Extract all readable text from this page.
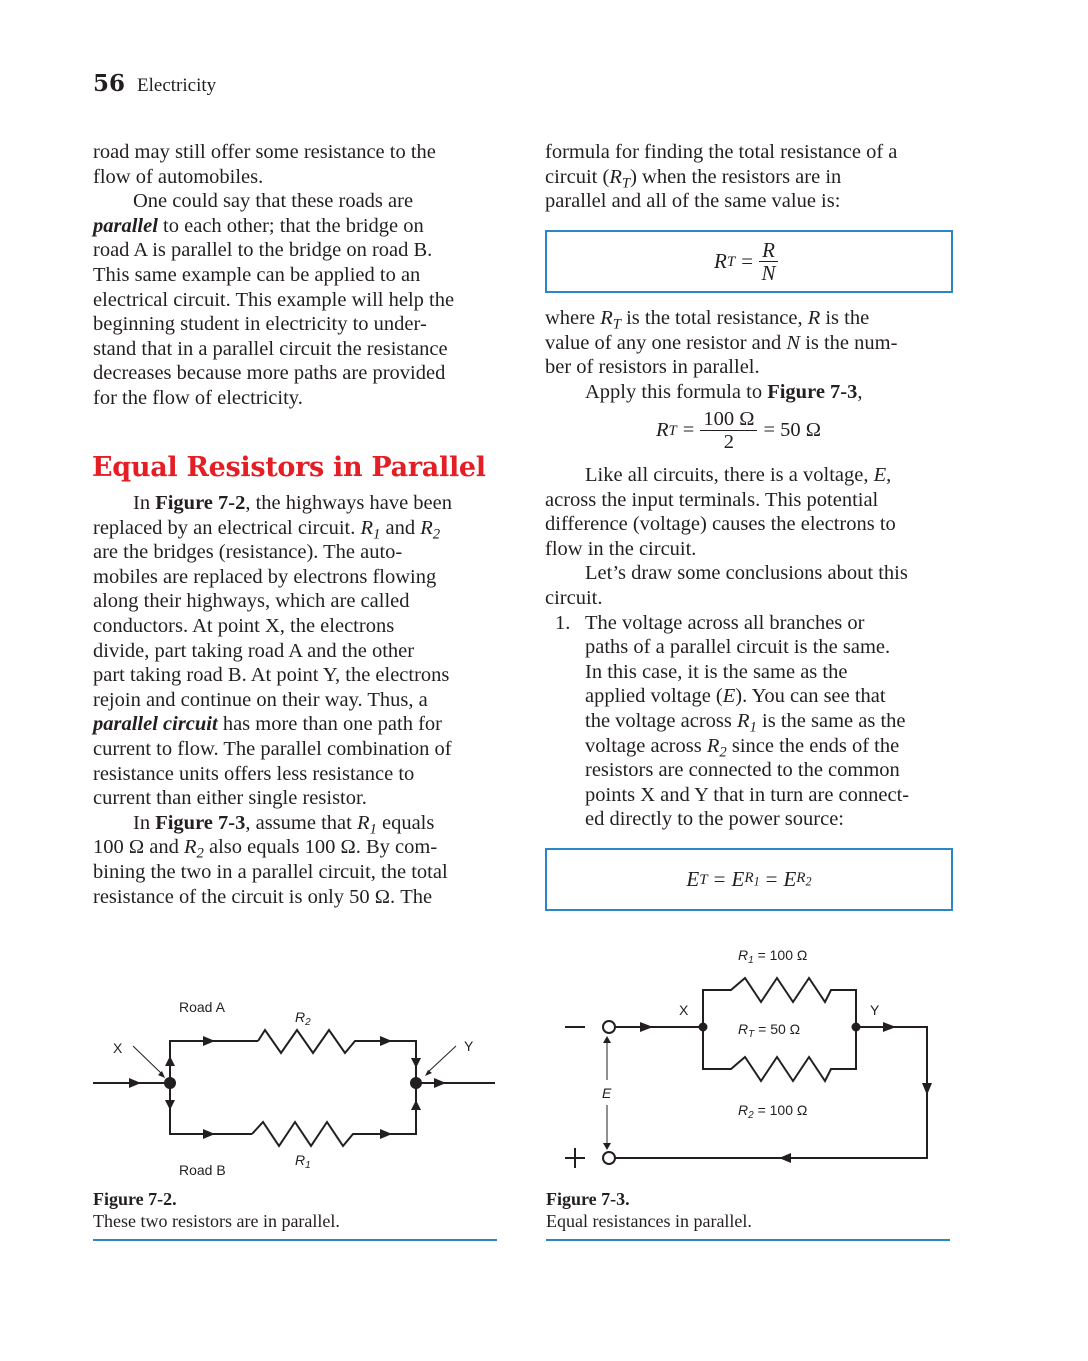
56 Electricity
road may still offer some resistance to the
flow of automobiles.
One could say that these roads are
parallel to each other; that the bridge on
road A is parallel to the bridge on road B.
This same example can be applied to an
electrical circuit. This example will help the
beginning student in electricity to under-
stand that in a parallel circuit the resistance
decreases because more paths are provided
for the flow of electricity.
Equal Resistors in Parallel
In Figure 7-2, the highways have been
replaced by an electrical circuit. $R_1$ and $R_2$
are the bridges (resistance). The auto-
mobiles are replaced by electrons flowing
along their highways, which are called
conductors. At point X, the electrons
divide, part taking road A and the other
part taking road B. At point Y, the electrons
rejoin and continue on their way. Thus, a
parallel circuit has more than one path for
current to flow. The parallel combination of
resistance units offers less resistance to
current than either single resistor.
In Figure 7-3, assume that $R_1$ equals
100 Ω and $R_2$ also equals 100 Ω. By com-
bining the two in a parallel circuit, the total
resistance of the circuit is only 50 Ω. The
formula for finding the total resistance of a
circuit $(R_T)$ when the resistors are in
parallel and all of the same value is:
R $T = \frac{R}{N}$
where $R_T$ is the total resistance, R is the
value of any one resistor and N is the num-
ber of resistors in parallel.
Apply this formula to Figure 7-3,
R $T = \frac{100 \Omega}{2} = 50$ Ω
Like all circuits, there is a voltage, E,
across the input terminals. This potential
difference (voltage) causes the electrons to
flow in the circuit.
Let’s draw some conclusions about this
circuit.
1. The voltage across all branches or
paths of a parallel circuit is the same.
In this case, it is the same as the
applied voltage (E). You can see that
the voltage across $R_1$ is the same as the
voltage across $R_2$ since the ends of the
resistors are connected to the common
points X and Y that in turn are connect-
ed directly to the power source:
E T = E $R_1 = E$ $R_2$
Road A
Road B
$R_2$
$R_1$
X	Y
$R_1 = 100$ Ω
$R_T = 50$ Ω
$R_2 = 100$ Ω
X	Y
E
Figure 7-2.
These two resistors are in parallel.
Figure 7-3.
Equal resistances in parallel.
